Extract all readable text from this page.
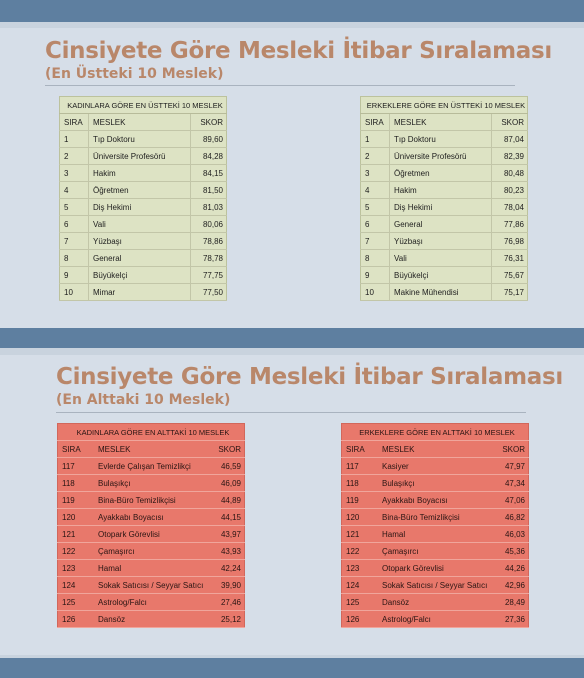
Cinsiyete Göre Mesleki İtibar Sıralaması
(En Üstteki 10 Meslek)
KADINLARA GÖRE EN ÜSTTEKİ 10 MESLEK		
SIRA	MESLEK	SKOR
1	Tıp Doktoru	89,60
2	Üniversite Profesörü	84,28
3	Hakim	84,15
4	Öğretmen	81,50
5	Diş Hekimi	81,03
6	Vali	80,06
7	Yüzbaşı	78,86
8	General	78,78
9	Büyükelçi	77,75
10	Mimar	77,50
ERKEKLERE GÖRE EN ÜSTTEKİ 10 MESLEK		
SIRA	MESLEK	SKOR
1	Tıp Doktoru	87,04
2	Üniversite Profesörü	82,39
3	Öğretmen	80,48
4	Hakim	80,23
5	Diş Hekimi	78,04
6	General	77,86
7	Yüzbaşı	76,98
8	Vali	76,31
9	Büyükelçi	75,67
10	Makine Mühendisi	75,17
Cinsiyete Göre Mesleki İtibar Sıralaması
(En Alttaki 10 Meslek)
KADINLARA GÖRE EN ALTTAKİ 10 MESLEK		
SIRA	MESLEK	SKOR
117	Evlerde Çalışan Temizlikçi	46,59
118	Bulaşıkçı	46,09
119	Bina-Büro Temizlikçisi	44,89
120	Ayakkabı Boyacısı	44,15
121	Otopark Görevlisi	43,97
122	Çamaşırcı	43,93
123	Hamal	42,24
124	Sokak Satıcısı / Seyyar Satıcı	39,90
125	Astrolog/Falcı	27,46
126	Dansöz	25,12
ERKEKLERE GÖRE EN ALTTAKİ 10 MESLEK		
SIRA	MESLEK	SKOR
117	Kasiyer	47,97
118	Bulaşıkçı	47,34
119	Ayakkabı Boyacısı	47,06
120	Bina-Büro Temizlikçisi	46,82
121	Hamal	46,03
122	Çamaşırcı	45,36
123	Otopark Görevlisi	44,26
124	Sokak Satıcısı / Seyyar Satıcı	42,96
125	Dansöz	28,49
126	Astrolog/Falcı	27,36
